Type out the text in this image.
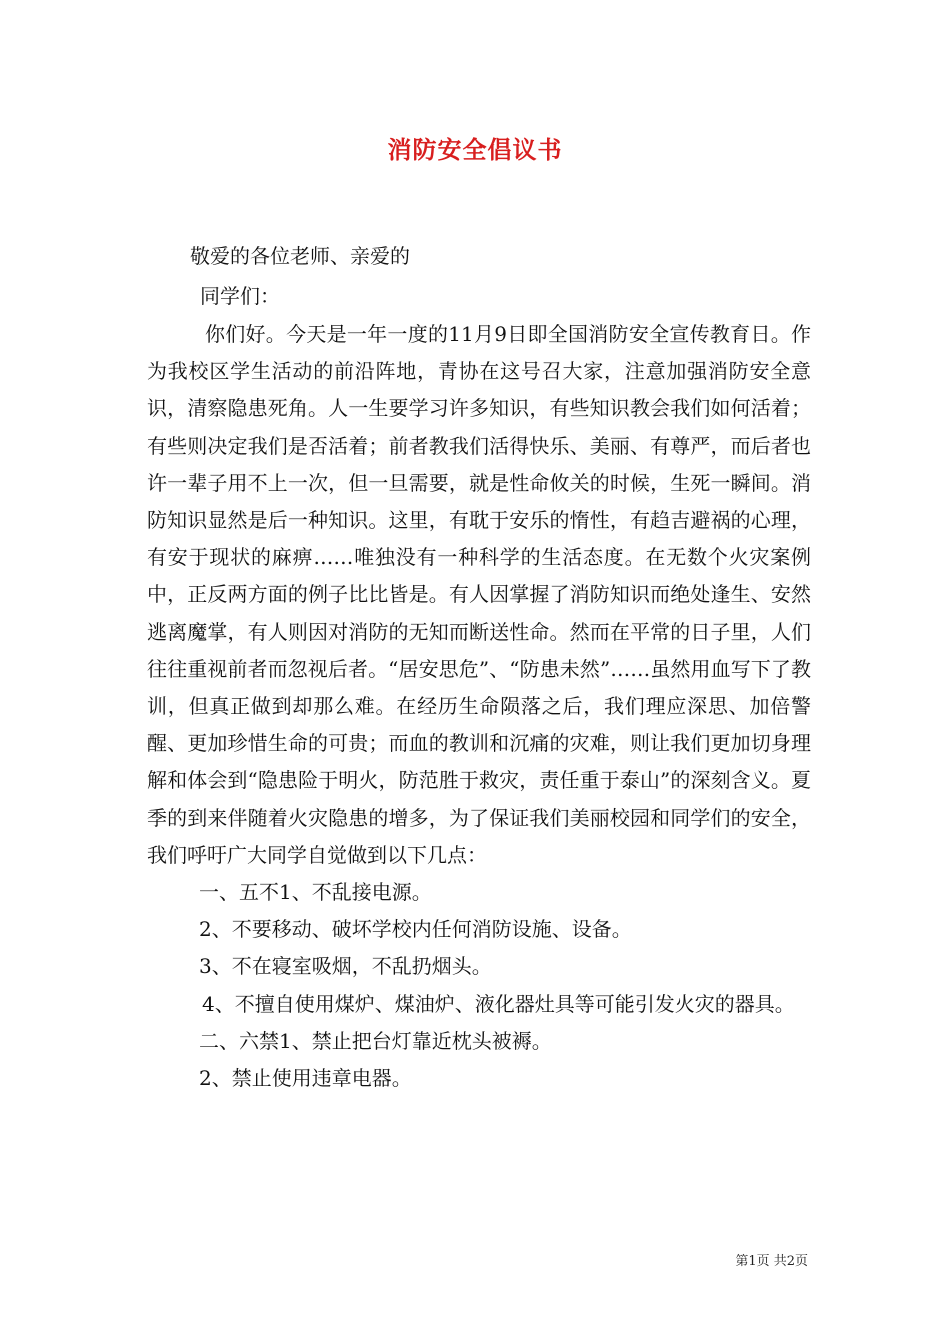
消防安全倡议书
敬爱的各位老师、亲爱的
同学们：

你们好。今天是一年一度的11月9日即全国消防安全宣传教育日。作为我校区学生活动的前沿阵地，青协在这号召大家，注意加强消防安全意识，清察隐患死角。人一生要学习许多知识，有些知识教会我们如何活着；有些则决定我们是否活着；前者教我们活得快乐、美丽、有尊严，而后者也许一辈子用不上一次，但一旦需要，就是性命攸关的时候，生死一瞬间。消防知识显然是后一种知识。这里，有耽于安乐的惰性，有趋吉避祸的心理，有安于现状的麻痹……唯独没有一种科学的生活态度。在无数个火灾案例中，正反两方面的例子比比皆是。有人因掌握了消防知识而绝处逢生、安然逃离魔掌，有人则因对消防的无知而断送性命。然而在平常的日子里，人们往往重视前者而忽视后者。“居安思危”、“防患未然”……虽然用血写下了教训，但真正做到却那么难。在经历生命陨落之后，我们理应深思、加倍警醒、更加珍惜生命的可贵；而血的教训和沉痛的灾难，则让我们更加切身理解和体会到“隐患险于明火，防范胜于救灾，责任重于泰山”的深刻含义。夏季的到来伴随着火灾隐患的增多，为了保证我们美丽校园和同学们的安全，我们呼吁广大同学自觉做到以下几点：

一、五不1、不乱接电源。

2、不要移动、破坏学校内任何消防设施、设备。

3、不在寝室吸烟，不乱扔烟头。

4、不擅自使用煤炉、煤油炉、液化器灶具等可能引发火灾的器具。

二、六禁1、禁止把台灯靠近枕头被褥。

2、禁止使用违章电器。

第1页 共2页
